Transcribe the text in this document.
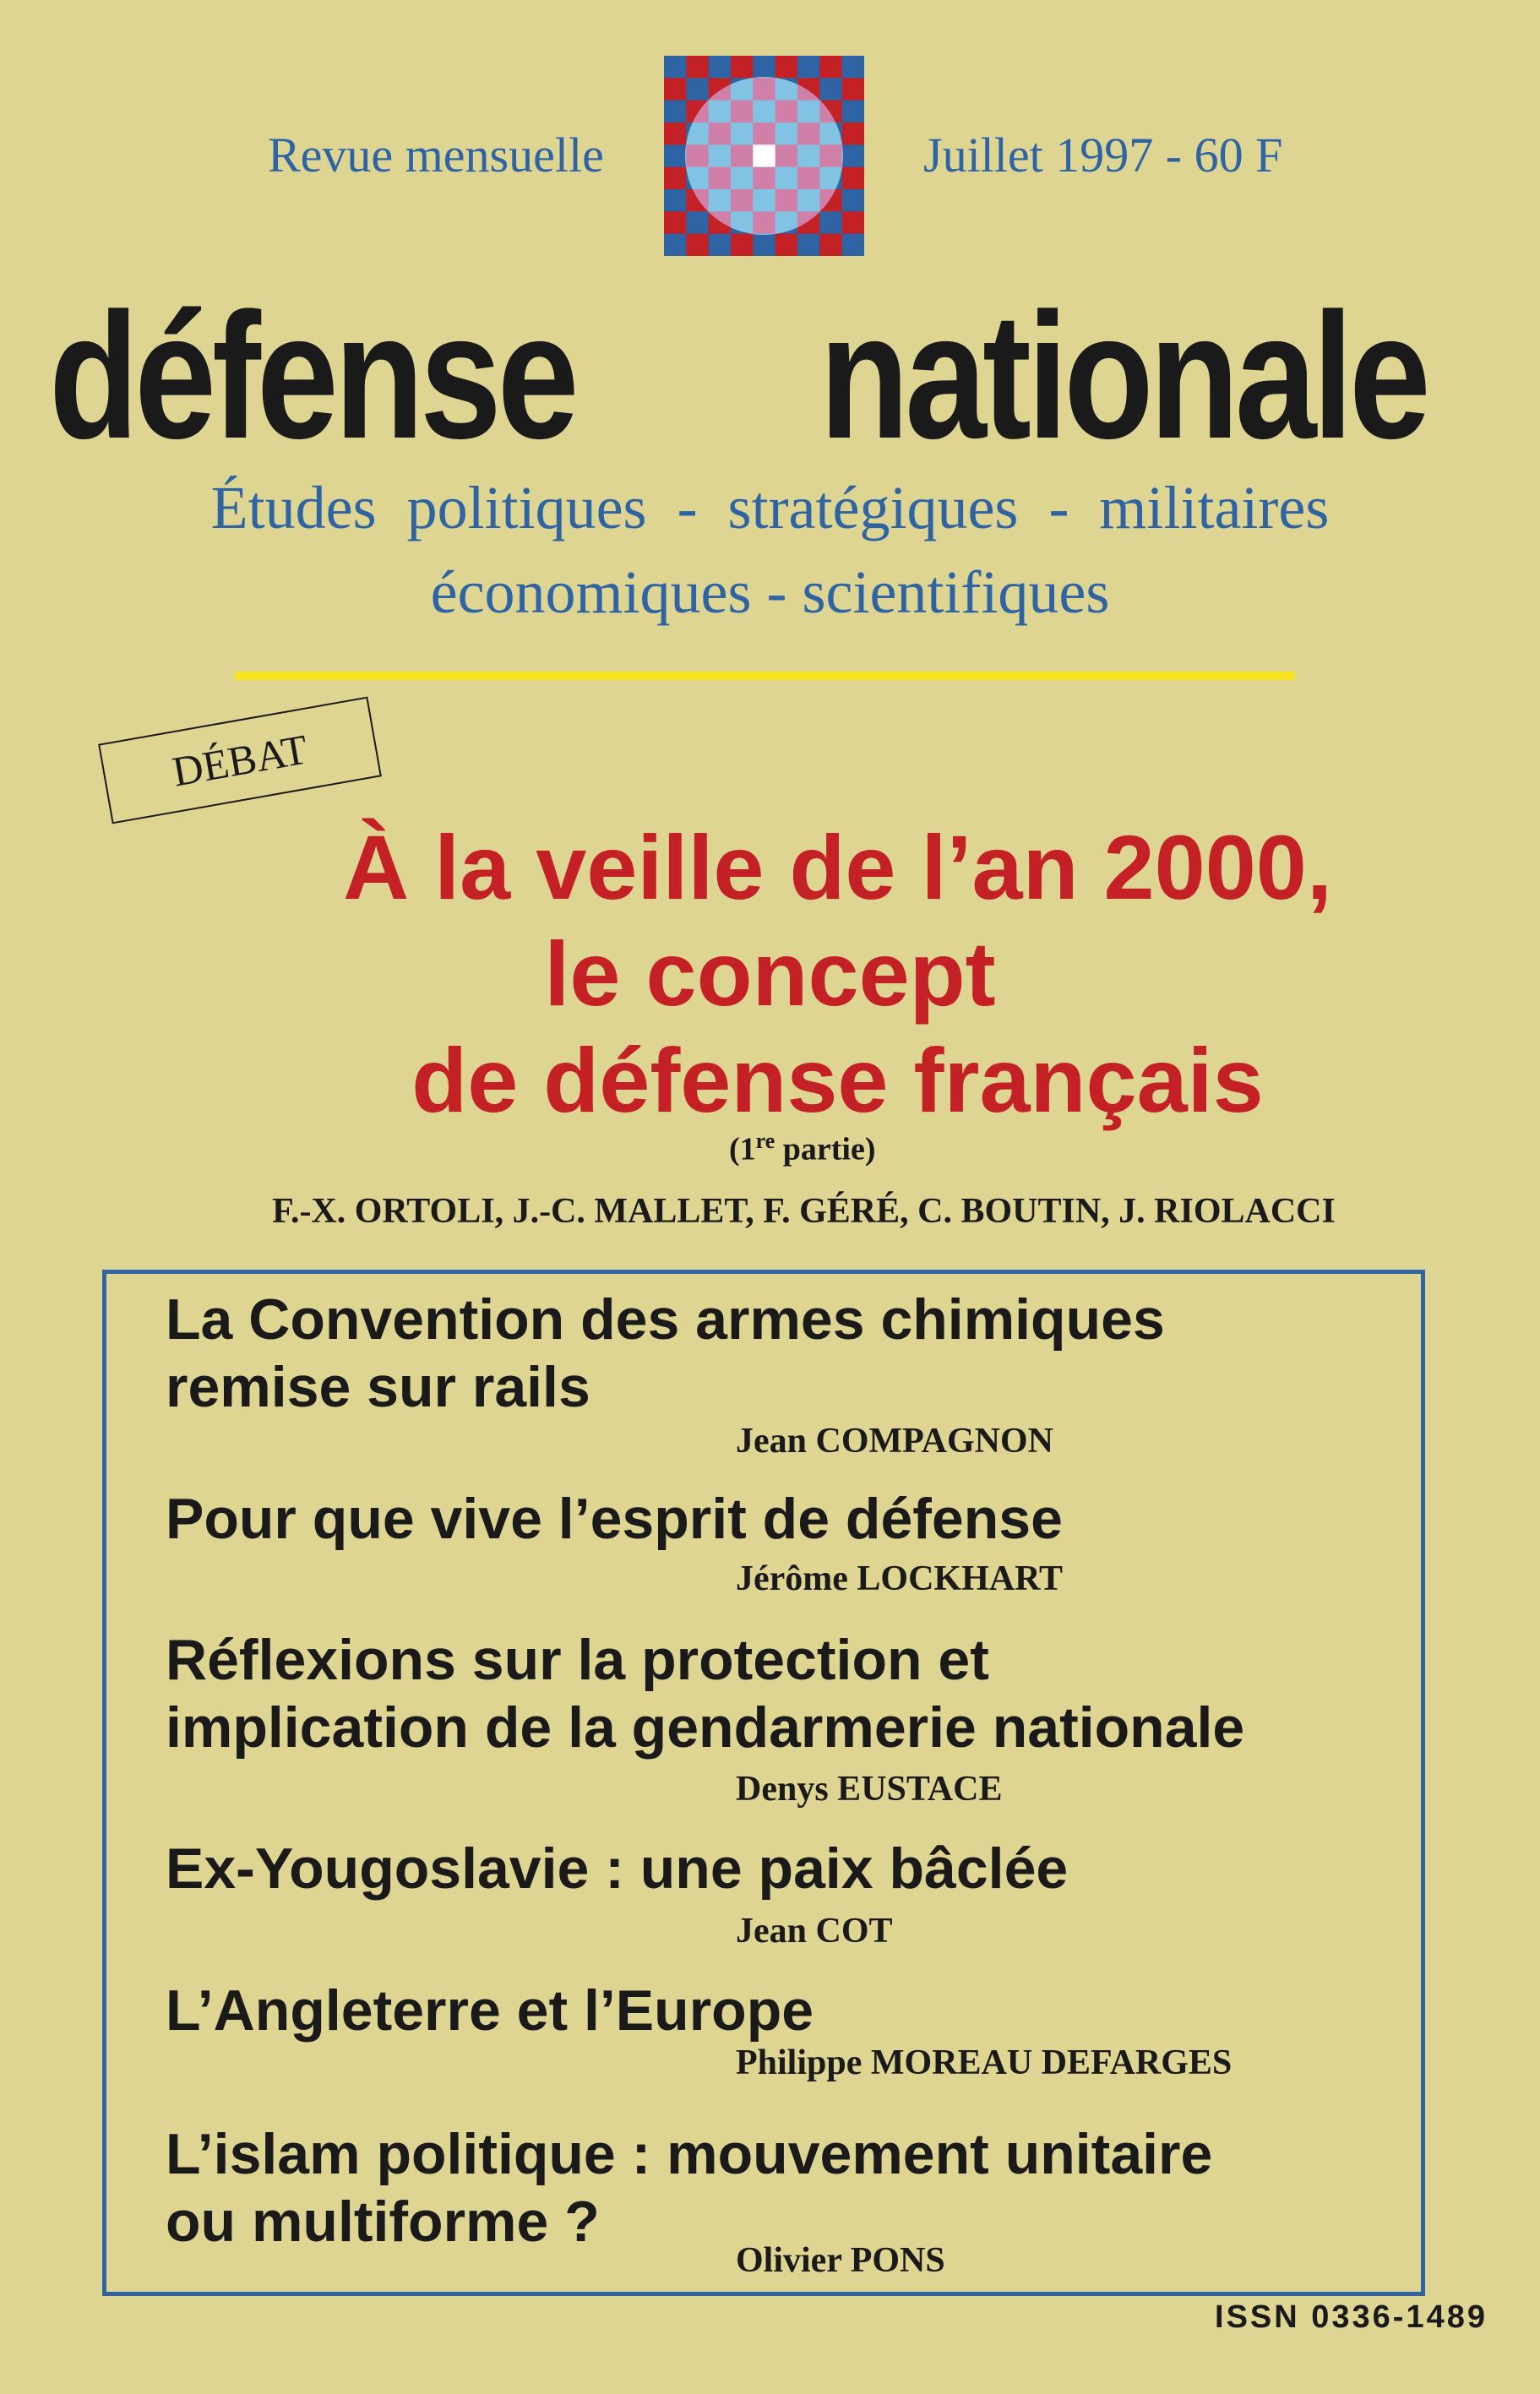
Revue mensuelle	Juillet 1997 - 60 F
défense nationale
Études politiques - stratégiques - militaires
économiques - scientifiques
DÉBAT
À la veille de l’an 2000,
le concept
de défense français
(1re partie)
F.-X. ORTOLI, J.-C. MALLET, F. GÉRÉ, C. BOUTIN, J. RIOLACCI
La Convention des armes chimiques
remise sur rails
Jean COMPAGNON
Pour que vive l’esprit de défense
Jérôme LOCKHART
Réflexions sur la protection et
implication de la gendarmerie nationale
Denys EUSTACE
Ex-Yougoslavie : une paix bâclée
Jean COT
L’Angleterre et l’Europe
Philippe MOREAU DEFARGES
L’islam politique : mouvement unitaire
ou multiforme ?
Olivier PONS
ISSN 0336-1489
